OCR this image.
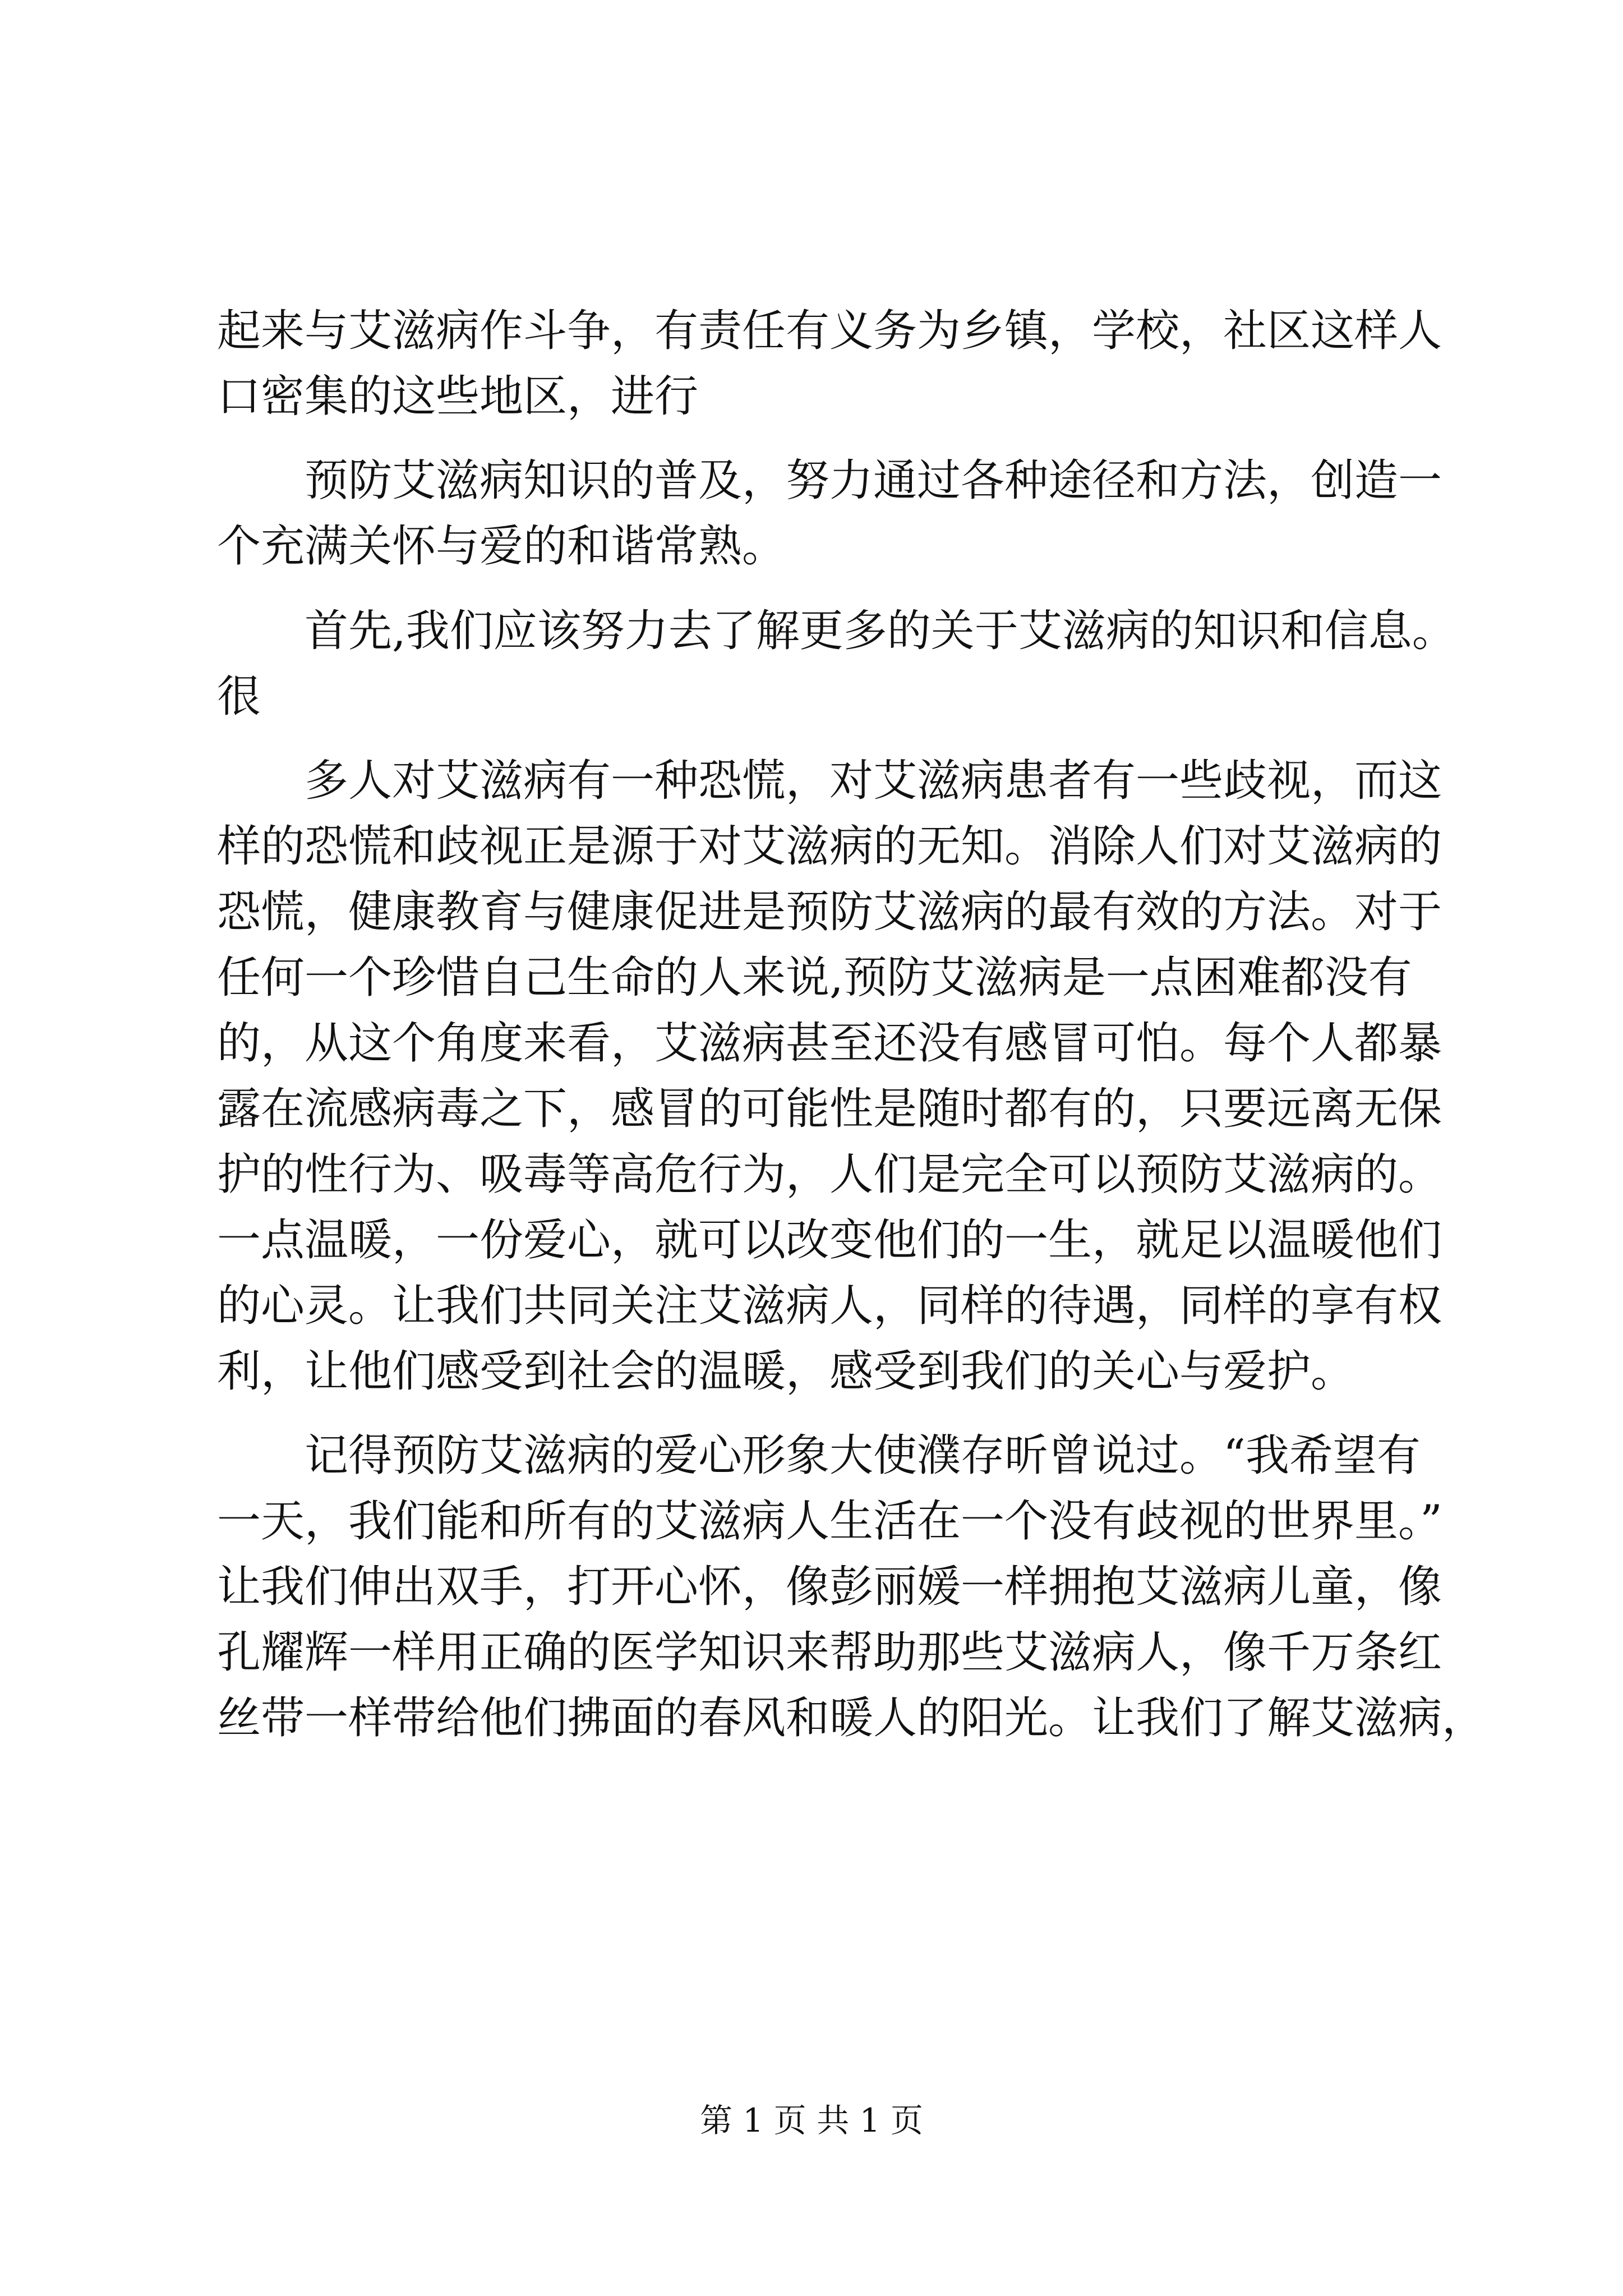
起来与艾滋病作斗争，有责任有义务为乡镇，学校，社区这样人
口密集的这些地区，进行
预防艾滋病知识的普及，努力通过各种途径和方法，创造一
个充满关怀与爱的和谐常熟。
首先,我们应该努力去了解更多的关于艾滋病的知识和信息。
很
多人对艾滋病有一种恐慌，对艾滋病患者有一些歧视，而这
样的恐慌和歧视正是源于对艾滋病的无知。消除人们对艾滋病的
恐慌，健康教育与健康促进是预防艾滋病的最有效的方法。对于
任何一个珍惜自己生命的人来说,预防艾滋病是一点困难都没有
的，从这个角度来看，艾滋病甚至还没有感冒可怕。每个人都暴
露在流感病毒之下，感冒的可能性是随时都有的，只要远离无保
护的性行为、吸毒等高危行为，人们是完全可以预防艾滋病的。
一点温暖，一份爱心，就可以改变他们的一生，就足以温暖他们
的心灵。让我们共同关注艾滋病人，同样的待遇，同样的享有权
利，让他们感受到社会的温暖，感受到我们的关心与爱护。
记得预防艾滋病的爱心形象大使濮存昕曾说过。“我希望有
一天，我们能和所有的艾滋病人生活在一个没有歧视的世界里。”
让我们伸出双手，打开心怀，像彭丽媛一样拥抱艾滋病儿童，像
孔耀辉一样用正确的医学知识来帮助那些艾滋病人，像千万条红
丝带一样带给他们拂面的春风和暖人的阳光。让我们了解艾滋病，
第 1 页 共 1 页
